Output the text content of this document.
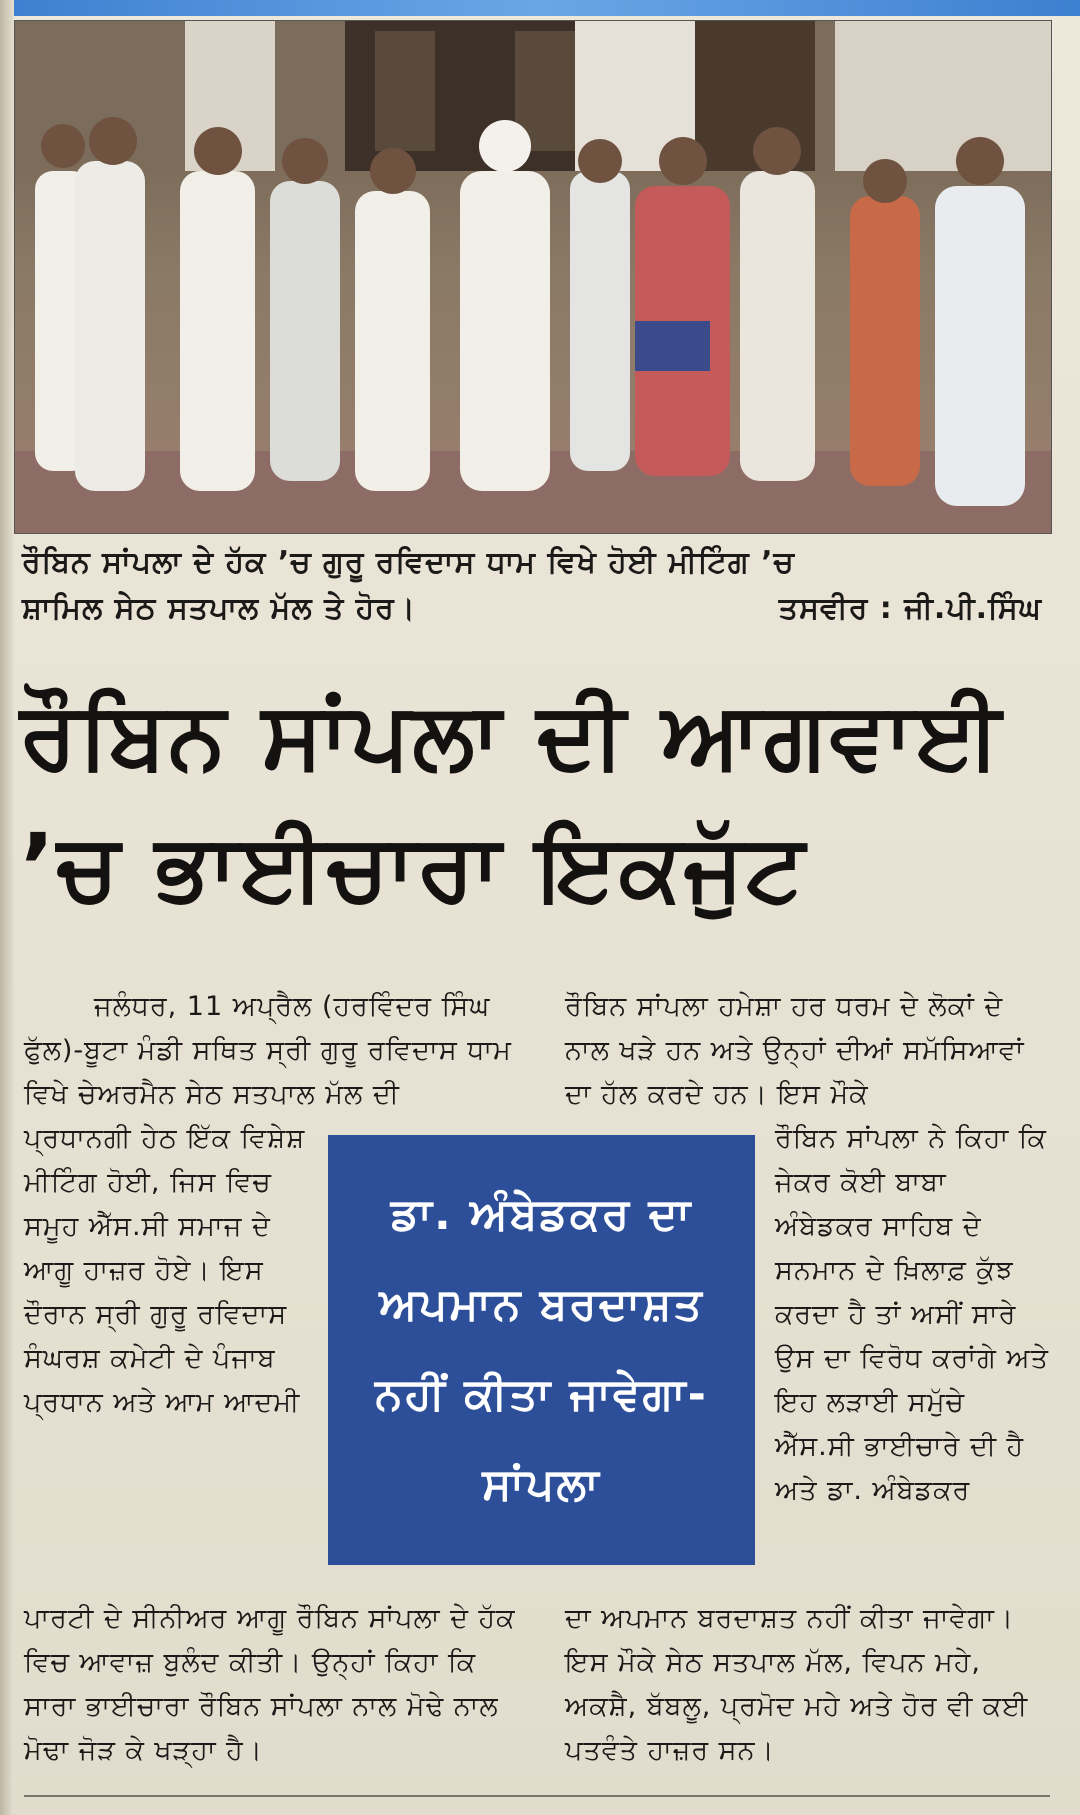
ਰੌਬਿਨ ਸਾਂਪਲਾ ਦੇ ਹੱਕ ’ਚ ਗੁਰੂ ਰਵਿਦਾਸ ਧਾਮ ਵਿਖੇ ਹੋਈ ਮੀਟਿੰਗ ’ਚ
ਸ਼ਾਮਿਲ ਸੇਠ ਸਤਪਾਲ ਮੱਲ ਤੇ ਹੋਰ।	ਤਸਵੀਰ : ਜੀ.ਪੀ.ਸਿੰਘ
ਰੌਬਿਨ ਸਾਂਪਲਾ ਦੀ ਆਗਵਾਈ
’ਚ ਭਾਈਚਾਰਾ ਇਕਜੁੱਟ
ਜਲੰਧਰ, 11 ਅਪ੍ਰੈਲ (ਹਰਵਿੰਦਰ ਸਿੰਘ ਫੁੱਲ)-ਬੂਟਾ ਮੰਡੀ ਸਥਿਤ ਸ੍ਰੀ ਗੁਰੂ ਰਵਿਦਾਸ ਧਾਮ ਵਿਖੇ ਚੇਅਰਮੈਨ ਸੇਠ ਸਤਪਾਲ ਮੱਲ ਦੀ
ਪ੍ਰਧਾਨਗੀ ਹੇਠ ਇੱਕ ਵਿਸ਼ੇਸ਼ ਮੀਟਿੰਗ ਹੋਈ, ਜਿਸ ਵਿਚ ਸਮੂਹ ਐੱਸ.ਸੀ ਸਮਾਜ ਦੇ ਆਗੂ ਹਾਜ਼ਰ ਹੋਏ। ਇਸ ਦੌਰਾਨ ਸ੍ਰੀ ਗੁਰੂ ਰਵਿਦਾਸ ਸੰਘਰਸ਼ ਕਮੇਟੀ ਦੇ ਪੰਜਾਬ ਪ੍ਰਧਾਨ ਅਤੇ ਆਮ ਆਦਮੀ
ਰੌਬਿਨ ਸਾਂਪਲਾ ਹਮੇਸ਼ਾ ਹਰ ਧਰਮ ਦੇ ਲੋਕਾਂ ਦੇ ਨਾਲ ਖੜੇ ਹਨ ਅਤੇ ਉਨ੍ਹਾਂ ਦੀਆਂ ਸਮੱਸਿਆਵਾਂ ਦਾ ਹੱਲ ਕਰਦੇ ਹਨ। ਇਸ ਮੌਕੇ
ਰੌਬਿਨ ਸਾਂਪਲਾ ਨੇ ਕਿਹਾ ਕਿ ਜੇਕਰ ਕੋਈ ਬਾਬਾ ਅੰਬੇਡਕਰ ਸਾਹਿਬ ਦੇ ਸਨਮਾਨ ਦੇ ਖ਼ਿਲਾਫ਼ ਕੁੱਝ ਕਰਦਾ ਹੈ ਤਾਂ ਅਸੀਂ ਸਾਰੇ ਉਸ ਦਾ ਵਿਰੋਧ ਕਰਾਂਗੇ ਅਤੇ ਇਹ ਲੜਾਈ ਸਮੁੱਚੇ ਐੱਸ.ਸੀ ਭਾਈਚਾਰੇ ਦੀ ਹੈ ਅਤੇ ਡਾ. ਅੰਬੇਡਕਰ
ਡਾ. ਅੰਬੇਡਕਰ ਦਾ ਅਪਮਾਨ ਬਰਦਾਸ਼ਤ ਨਹੀਂ ਕੀਤਾ ਜਾਵੇਗਾ-ਸਾਂਪਲਾ
ਪਾਰਟੀ ਦੇ ਸੀਨੀਅਰ ਆਗੂ ਰੌਬਿਨ ਸਾਂਪਲਾ ਦੇ ਹੱਕ ਵਿਚ ਆਵਾਜ਼ ਬੁਲੰਦ ਕੀਤੀ। ਉਨ੍ਹਾਂ ਕਿਹਾ ਕਿ ਸਾਰਾ ਭਾਈਚਾਰਾ ਰੌਬਿਨ ਸਾਂਪਲਾ ਨਾਲ ਮੋਢੇ ਨਾਲ ਮੋਢਾ ਜੋੜ ਕੇ ਖੜ੍ਹਾ ਹੈ।
ਦਾ ਅਪਮਾਨ ਬਰਦਾਸ਼ਤ ਨਹੀਂ ਕੀਤਾ ਜਾਵੇਗਾ। ਇਸ ਮੌਕੇ ਸੇਠ ਸਤਪਾਲ ਮੱਲ, ਵਿਪਨ ਮਹੇ, ਅਕਸ਼ੈ, ਬੱਬਲੂ, ਪ੍ਰਮੋਦ ਮਹੇ ਅਤੇ ਹੋਰ ਵੀ ਕਈ ਪਤਵੰਤੇ ਹਾਜ਼ਰ ਸਨ।
